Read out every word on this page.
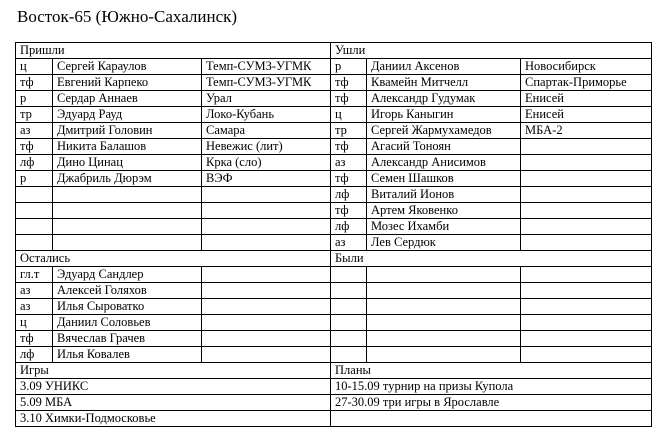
Восток-65 (Южно-Сахалинск)
Пришли			Ушли		
ц	Сергей Караулов	Темп-СУМЗ-УГМК	р	Даниил Аксенов	Новосибирск
тф	Евгений Карпеко	Темп-СУМЗ-УГМК	тф	Квамейн Митчелл	Спартак-Приморье
р	Сердар Аннаев	Урал	тф	Александр Гудумак	Енисей
тр	Эдуард Рауд	Локо-Кубань	ц	Игорь Каныгин	Енисей
аз	Дмитрий Головин	Самара	тр	Сергей Жармухамедов	МБА-2
тф	Никита Балашов	Невежис (лит)	тф	Агасий Тоноян	
лф	Дино Цинац	Крка (сло)	аз	Александр Анисимов	
р	Джабриль Дюрэм	ВЭФ	тф	Семен Шашков	
			лф	Виталий Ионов	
			тф	Артем Яковенко	
			лф	Мозес Ихамби	
			аз	Лев Сердюк	
Остались			Были		
гл.т	Эдуард Сандлер				
аз	Алексей Голяхов				
аз	Илья Сыроватко				
ц	Даниил Соловьев				
тф	Вячеслав Грачев				
лф	Илья Ковалев				
Игры			Планы		
3.09 УНИКС			10-15.09 турнир на призы Купола		
5.09 МБА			27-30.09 три игры в Ярославле		
3.10 Химки-Подмосковье					
